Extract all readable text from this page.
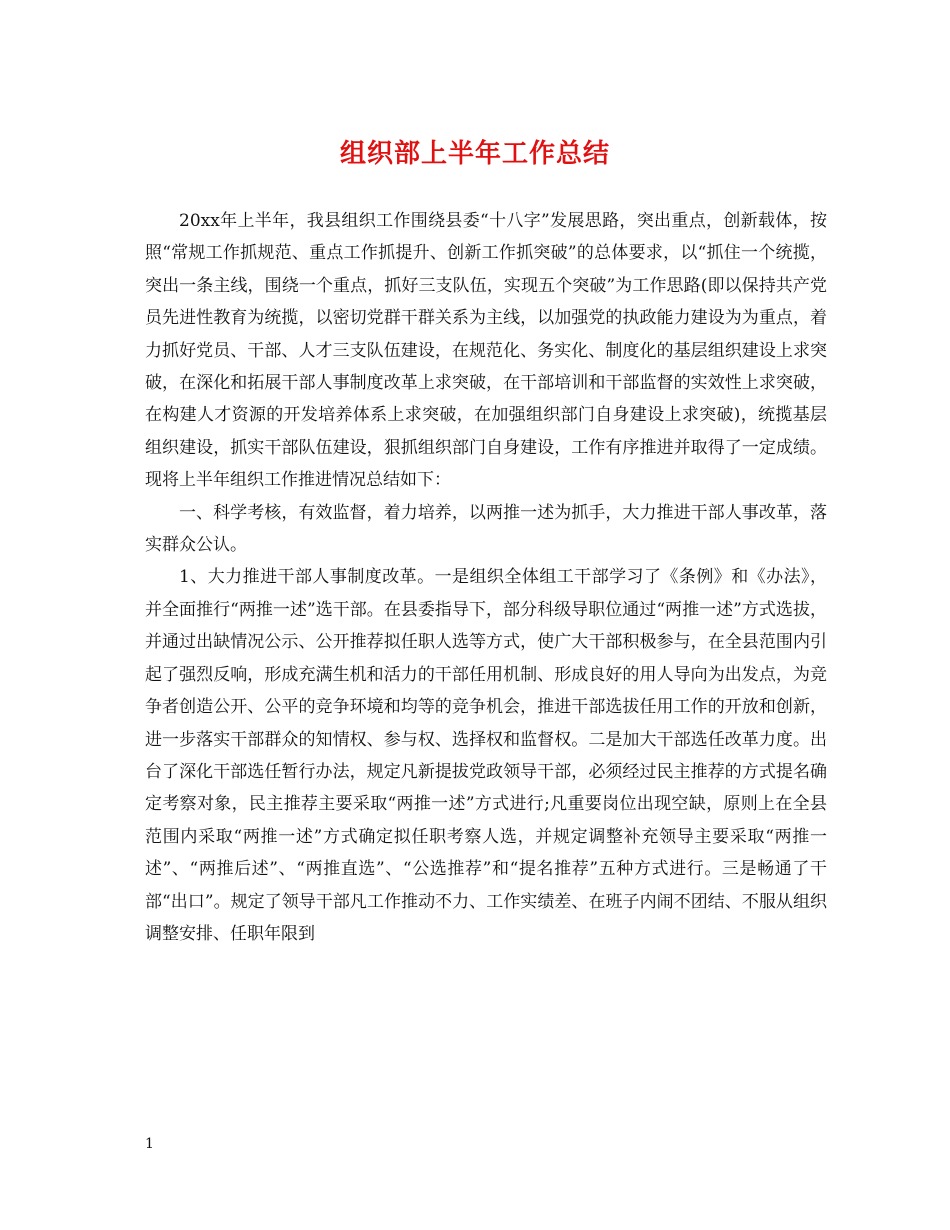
组织部上半年工作总结

20xx年上半年，我县组织工作围绕县委“十八字”发展思路，突出重点，创新载体，按照“常规工作抓规范、重点工作抓提升、创新工作抓突破”的总体要求，以“抓住一个统揽，突出一条主线，围绕一个重点，抓好三支队伍，实现五个突破”为工作思路(即以保持共产党员先进性教育为统揽，以密切党群干群关系为主线，以加强党的执政能力建设为为重点，着力抓好党员、干部、人才三支队伍建设，在规范化、务实化、制度化的基层组织建设上求突破，在深化和拓展干部人事制度改革上求突破，在干部培训和干部监督的实效性上求突破，在构建人才资源的开发培养体系上求突破，在加强组织部门自身建设上求突破)，统揽基层组织建设，抓实干部队伍建设，狠抓组织部门自身建设，工作有序推进并取得了一定成绩。现将上半年组织工作推进情况总结如下：

一、科学考核，有效监督，着力培养，以两推一述为抓手，大力推进干部人事改革，落实群众公认。

1、大力推进干部人事制度改革。一是组织全体组工干部学习了《条例》和《办法》，并全面推行“两推一述”选干部。在县委指导下，部分科级导职位通过“两推一述”方式选拔，并通过出缺情况公示、公开推荐拟任职人选等方式，使广大干部积极参与，在全县范围内引起了强烈反响，形成充满生机和活力的干部任用机制、形成良好的用人导向为出发点，为竞争者创造公开、公平的竞争环境和均等的竞争机会，推进干部选拔任用工作的开放和创新，进一步落实干部群众的知情权、参与权、选择权和监督权。二是加大干部选任改革力度。出台了深化干部选任暂行办法，规定凡新提拔党政领导干部，必须经过民主推荐的方式提名确定考察对象，民主推荐主要采取“两推一述”方式进行;凡重要岗位出现空缺，原则上在全县范围内采取“两推一述”方式确定拟任职考察人选，并规定调整补充领导主要采取“两推一述”、“两推后述”、“两推直选”、“公选推荐”和“提名推荐”五种方式进行。三是畅通了干部“出口”。规定了领导干部凡工作推动不力、工作实绩差、在班子内闹不团结、不服从组织调整安排、任职年限到

1
